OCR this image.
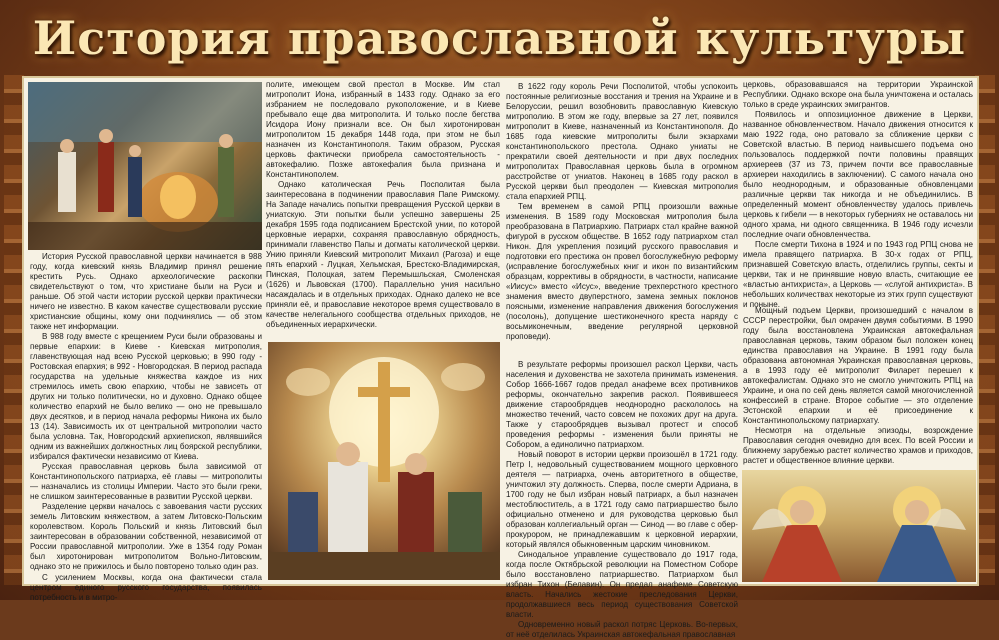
История православной культуры

История Русской православной церкви начинается в 988 году, когда киевский князь Владимир принял решение крестить Русь. Однако археологические раскопки свидетельствуют о том, что христиане были на Руси и раньше. Об этой части истории русской церкви практически ничего не известно. В каком качестве существовали русские христианские общины, кому они подчинялись — об этом также нет информации.

В 988 году вместе с крещением Руси были образованы и первые епархии: в Киеве - Киевская митрополия, главенствующая над всею Русской церковью; в 990 году - Ростовская епархия; в 992 - Новгородская. В период распада государства на удельные княжества каждое из них стремилось иметь свою епархию, чтобы не зависеть от других ни только политически, но и духовно. Однако общее количество епархий не было велико — оно не превышало двух десятков, и в период начала реформы Никона их было 13 (14). Зависимость их от центральной митрополии часто была условна. Так, Новгородский архиепископ, являвшийся одним из важнейших должностных лиц боярской республики, избирался фактически независимо от Киева.

Русская православная церковь была зависимой от Константинопольского патриарха, её главы — митрополиты — назначались из столицы Империи. Часто это были греки, не слишком заинтересованные в развитии Русской церкви.

Разделение церкви началось с завоевания части русских земель Литовским княжеством, а затем Литовско-Польским королевством. Король Польский и князь Литовский был заинтересован в образовании собственной, независимой от России православной митрополии. Уже в 1354 году Роман был хиротонирован митрополитом Вольно-Литовским, однако это не прижилось и было повторено только один раз.

С усилением Москвы, когда она фактически стала центром единого русского государства, появилась потребность и в митро-

полите, имеющем свой престол в Москве. Им стал митрополит Иона, избранный в 1433 году. Однако за его избранием не последовало рукоположение, и в Киеве пребывало еще два митрополита. И только после бегства Исидора Иону признали все. Он был хиротонирован митрополитом 15 декабря 1448 года, при этом не был назначен из Константинополя. Таким образом, Русская церковь фактически приобрела самостоятельность - автокефалию. Позже автокефалия была признана и Константинополем.

Однако католическая Речь Посполитая была заинтересована в подчинении православия Папе Римскому. На Западе начались попытки превращения Русской церкви в униатскую. Эти попытки были успешно завершены 25 декабря 1595 года подписанием Брестской унии, по которой церковные иерархи, сохраняя православную обрядность, принимали главенство Папы и догматы католической церкви. Унию приняли Киевский митрополит Михаил (Рагоза) и еще пять епархий - Луцкая, Хельмская, Брестско-Владимирская, Пинская, Полоцкая, затем Перемышльская, Смоленская (1626) и Львовская (1700). Параллельно уния насильно насаждалась и в отдельных приходах. Однако далеко не все приняли её, и православие некоторое время существовало в качестве нелегального сообщества отдельных приходов, не объединенных иерархически.

В 1622 году король Речи Посполитой, чтобы успокоить постоянные религиозные восстания и трения на Украине и в Белоруссии, решил возобновить православную Киевскую митрополию. В этом же году, впервые за 27 лет, появился митрополит в Киеве, назначенный из Константинополя. До 1685 года киевские митрополиты были экзархами константинопольского престола. Однако униаты не прекратили своей деятельности и при двух последних митрополитах Православная церковь была в огромном расстройстве от униатов. Наконец в 1685 году раскол в Русской церкви был преодолен — Киевская митрополия стала епархией РПЦ.

Тем временем в самой РПЦ произошли важные изменения. В 1589 году Московская митрополия была преобразована в Патриархию. Патриарх стал крайне важной фигурой в русском обществе. В 1652 году патриархом стал Никон. Для укрепления позиций русского православия и подготовки его престижа он провел богослужебную реформу (исправление богослужебных книг и икон по византийским образцам, коррективы в обрядности, в частности, написание «Иисус» вместо «Исус», введение трехперстного крестного знамения вместо двуперстного, замена земных поклонов поясными, изменение направления движения богослужения (посолонь), допущение шестиконечного креста наряду с восьмиконечным, введение регулярной церковной проповеди).

В результате реформы произошел раскол Церкви, часть населения и духовенства не захотела принимать изменения. Собор 1666-1667 годов предал анафеме всех противников реформы, окончательно закрепив раскол. Появившееся движение старообрядцев неоднородно раскололось на множество течений, часто совсем не похожих друг на друга. Также у старообрядцев вызывал протест и способ проведения реформы - изменения были приняты не Собором, а единолично патриархом.

Новый поворот в истории церкви произошёл в 1721 году. Петр I, недовольный существованием мощного церковного деятеля — патриарха, очень авторитетного в обществе, уничтожил эту должность. Сперва, после смерти Адриана, в 1700 году не был избран новый патриарх, а был назначен местоблюститель, а в 1721 году само патриаршество было официально отменено и для руководства церковью был образован коллегиальный орган — Синод — во главе с обер-прокурором, не принадлежавшим к церковной иерархии, который являлся обыкновенным царским чиновником.

Синодальное управление существовало до 1917 года, когда после Октябрьской революции на Поместном Соборе было восстановлено патриаршество. Патриархом был избран Тихон (Белавин). Он предал анафеме Советскую власть. Начались жестокие преследования Церкви, продолжавшиеся весь период существования Советской власти.

Одновременно новый раскол потряс Церковь. Во-первых, от неё отделилась Украинская автокефальная православная

церковь, образовавшаяся на территории Украинской Республики. Однако вскоре она была уничтожена и осталась только в среде украинских эмигрантов.

Появилось и оппозиционное движение в Церкви, названное обновленчеством. Начало движения относится к маю 1922 года, оно ратовало за сближение церкви с Советской властью. В период наивысшего подъема оно пользовалось поддержкой почти половины правящих архиереев (37 из 73, причем почти все православные архиереи находились в заключении). С самого начала оно было неоднородным, и образованные обновленцами различные церкви так никогда и не объединились. В определенный момент обновленчеству удалось привлечь церковь к гибели — в некоторых губерниях не оставалось ни одного храма, ни одного священника. В 1946 году исчезли последние очаги обновленчества.

После смерти Тихона в 1924 и по 1943 год РПЦ снова не имела правящего патриарха. В 30-х годах от РПЦ, признавшей Советскую власть, отделились группы, секты и церкви, так и не принявшие новую власть, считающие ее «властью антихриста», а Церковь — «слугой антихриста». В небольших количествах некоторые из этих групп существуют и поныне.

Мощный подъем Церкви, произошедший с началом в СССР перестройки, был омрачен двумя событиями. В 1990 году была восстановлена Украинская автокефальная православная церковь, таким образом был положен конец единства православия на Украине. В 1991 году была образована автономная Украинская православная церковь, а в 1993 году её митрополит Филарет перешел к автокефалистам. Однако это не смогло уничтожить РПЦ на Украине, и она по сей день является самой многочисленной конфессией в стране. Второе событие — это отделение Эстонской епархии и её присоединение к Константинопольскому патриархату.

Несмотря на отдельные эпизоды, возрождение Православия сегодня очевидно для всех. По всей России и ближнему зарубежью растет количество храмов и приходов, растет и общественное влияние церкви.
